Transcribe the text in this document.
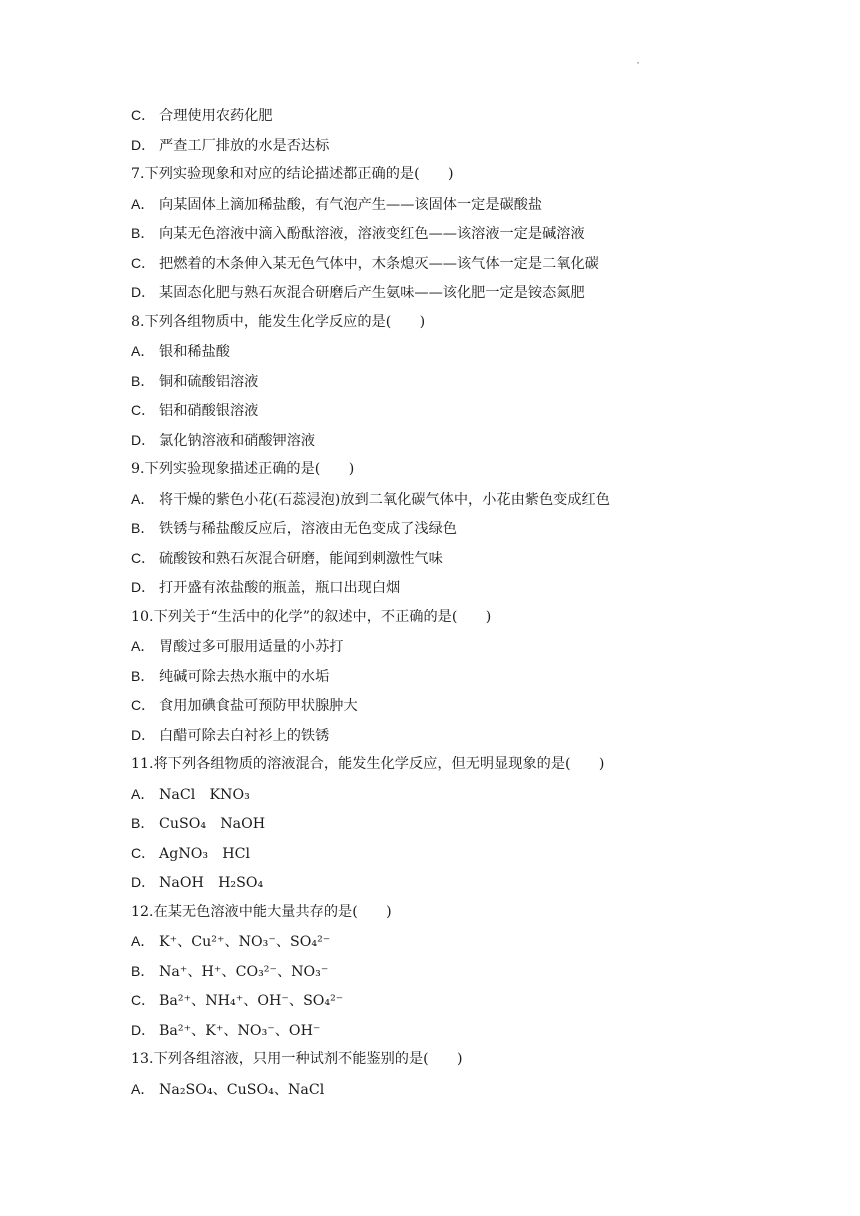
·
C． 合理使用农药化肥
D． 严查工厂排放的水是否达标
7.下列实验现象和对应的结论描述都正确的是(　　)
A． 向某固体上滴加稀盐酸，有气泡产生——该固体一定是碳酸盐
B． 向某无色溶液中滴入酚酞溶液，溶液变红色——该溶液一定是碱溶液
C． 把燃着的木条伸入某无色气体中，木条熄灭——该气体一定是二氧化碳
D． 某固态化肥与熟石灰混合研磨后产生氨味——该化肥一定是铵态氮肥
8.下列各组物质中，能发生化学反应的是(　　)
A． 银和稀盐酸
B． 铜和硫酸铝溶液
C． 铝和硝酸银溶液
D． 氯化钠溶液和硝酸钾溶液
9.下列实验现象描述正确的是(　　)
A． 将干燥的紫色小花(石蕊浸泡)放到二氧化碳气体中，小花由紫色变成红色
B． 铁锈与稀盐酸反应后，溶液由无色变成了浅绿色
C． 硫酸铵和熟石灰混合研磨，能闻到刺激性气味
D． 打开盛有浓盐酸的瓶盖，瓶口出现白烟
10.下列关于“生活中的化学”的叙述中，不正确的是(　　)
A． 胃酸过多可服用适量的小苏打
B． 纯碱可除去热水瓶中的水垢
C． 食用加碘食盐可预防甲状腺肿大
D． 白醋可除去白衬衫上的铁锈
11.将下列各组物质的溶液混合，能发生化学反应，但无明显现象的是(　　)
A． NaCl　KNO₃
B． CuSO₄　NaOH
C． AgNO₃　HCl
D． NaOH　H₂SO₄
12.在某无色溶液中能大量共存的是(　　)
A． K⁺、Cu²⁺、NO₃⁻、SO₄²⁻
B． Na⁺、H⁺、CO₃²⁻、NO₃⁻
C． Ba²⁺、NH₄⁺、OH⁻、SO₄²⁻
D． Ba²⁺、K⁺、NO₃⁻、OH⁻
13.下列各组溶液，只用一种试剂不能鉴别的是(　　)
A． Na₂SO₄、CuSO₄、NaCl
